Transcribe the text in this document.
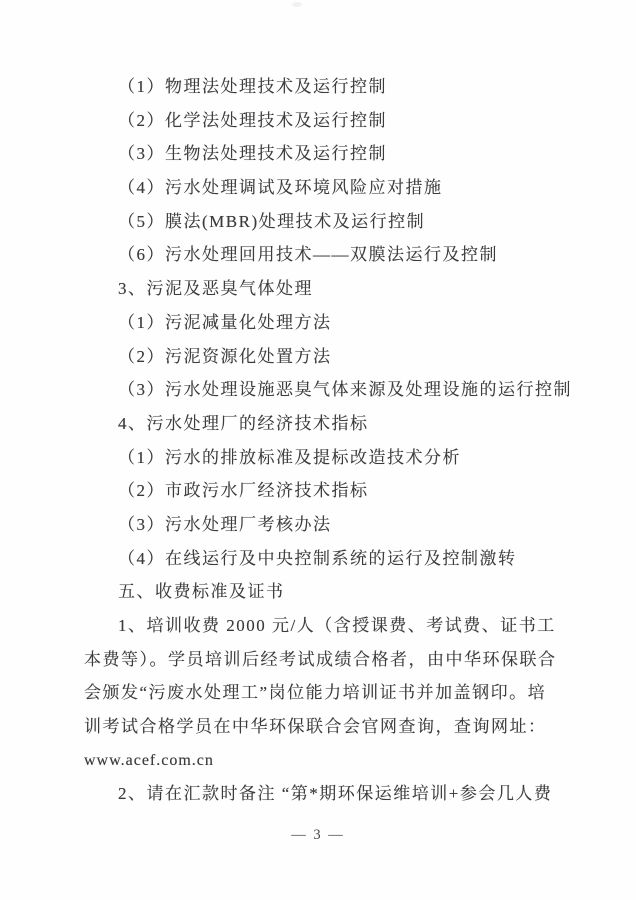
（1）物理法处理技术及运行控制
（2）化学法处理技术及运行控制
（3）生物法处理技术及运行控制
（4）污水处理调试及环境风险应对措施
（5）膜法(MBR)处理技术及运行控制
（6）污水处理回用技术——双膜法运行及控制
3、污泥及恶臭气体处理
（1）污泥减量化处理方法
（2）污泥资源化处置方法
（3）污水处理设施恶臭气体来源及处理设施的运行控制
4、污水处理厂的经济技术指标
（1）污水的排放标准及提标改造技术分析
（2）市政污水厂经济技术指标
（3）污水处理厂考核办法
（4）在线运行及中央控制系统的运行及控制激转
五、收费标准及证书
1、培训收费 2000 元/人（含授课费、考试费、证书工
本费等）。学员培训后经考试成绩合格者，由中华环保联合
会颁发“污废水处理工”岗位能力培训证书并加盖钢印。培
训考试合格学员在中华环保联合会官网查询，查询网址：
www.acef.com.cn
2、请在汇款时备注 “第*期环保运维培训+参会几人费
— 3 —
